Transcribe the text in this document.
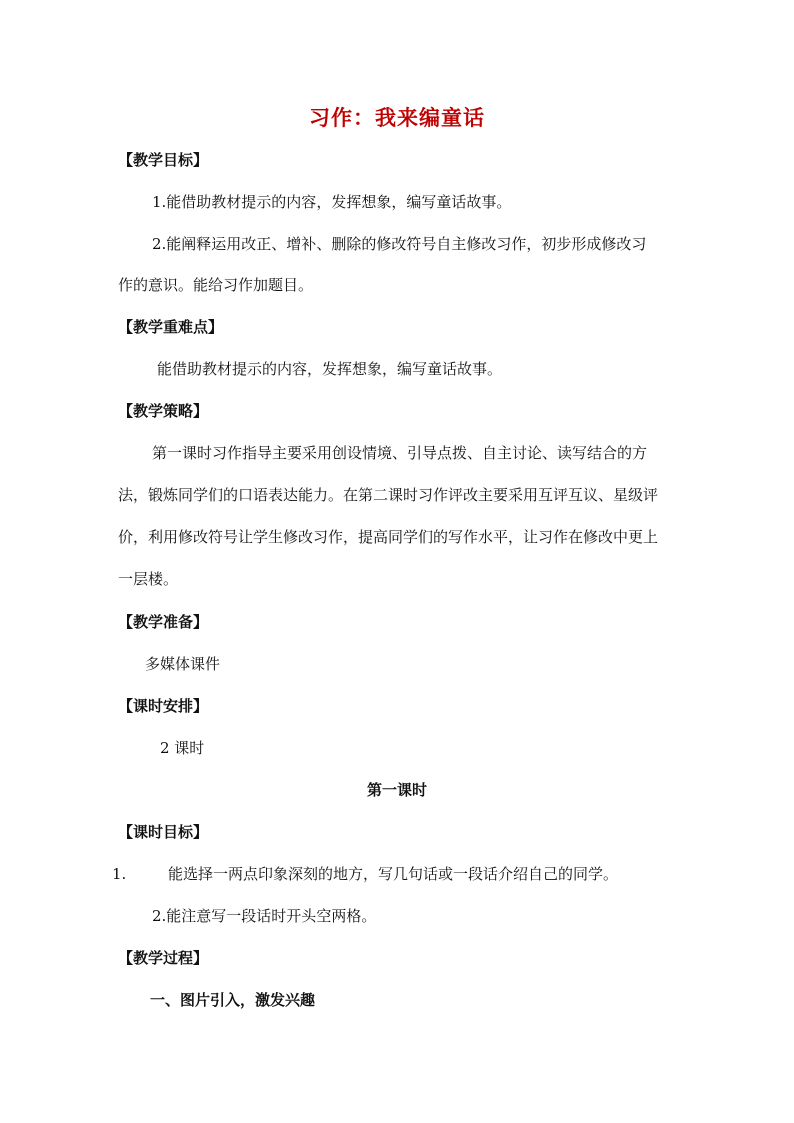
习作：我来编童话
【教学目标】
1.能借助教材提示的内容，发挥想象，编写童话故事。
2.能阐释运用改正、增补、删除的修改符号自主修改习作，初步形成修改习
作的意识。能给习作加题目。
【教学重难点】
能借助教材提示的内容，发挥想象，编写童话故事。
【教学策略】
第一课时习作指导主要采用创设情境、引导点拨、自主讨论、读写结合的方
法，锻炼同学们的口语表达能力。在第二课时习作评改主要采用互评互议、星级评
价，利用修改符号让学生修改习作，提高同学们的写作水平，让习作在修改中更上
一层楼。
【教学准备】
多媒体课件
【课时安排】
2 课时
第一课时
【课时目标】
1.	能选择一两点印象深刻的地方，写几句话或一段话介绍自己的同学。
2.能注意写一段话时开头空两格。
【教学过程】
一、图片引入，激发兴趣
